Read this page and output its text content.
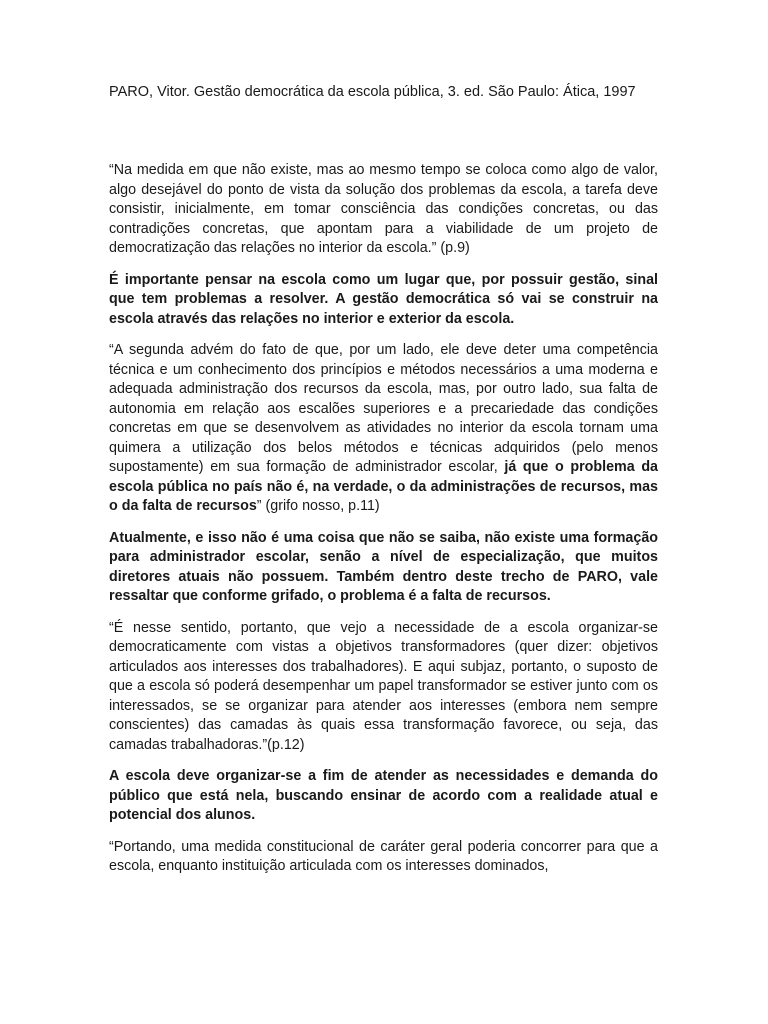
PARO, Vitor. Gestão democrática da escola pública, 3. ed. São Paulo: Ática, 1997

“Na medida em que não existe, mas ao mesmo tempo se coloca como algo de valor, algo desejável do ponto de vista da solução dos problemas da escola, a tarefa deve consistir, inicialmente, em tomar consciência das condições concretas, ou das contradições concretas, que apontam para a viabilidade de um projeto de democratização das relações no interior da escola.” (p.9)

É importante pensar na escola como um lugar que, por possuir gestão, sinal que tem problemas a resolver. A gestão democrática só vai se construir na escola através das relações no interior e exterior da escola.

“A segunda advém do fato de que, por um lado, ele deve deter uma competência técnica e um conhecimento dos princípios e métodos necessários a uma moderna e adequada administração dos recursos da escola, mas, por outro lado, sua falta de autonomia em relação aos escalões superiores e a precariedade das condições concretas em que se desenvolvem as atividades no interior da escola tornam uma quimera a utilização dos belos métodos e técnicas adquiridos (pelo menos supostamente) em sua formação de administrador escolar, já que o problema da escola pública no país não é, na verdade, o da administrações de recursos, mas o da falta de recursos” (grifo nosso, p.11)

Atualmente, e isso não é uma coisa que não se saiba, não existe uma formação para administrador escolar, senão a nível de especialização, que muitos diretores atuais não possuem. Também dentro deste trecho de PARO, vale ressaltar que conforme grifado, o problema é a falta de recursos.

“É nesse sentido, portanto, que vejo a necessidade de a escola organizar-se democraticamente com vistas a objetivos transformadores (quer dizer: objetivos articulados aos interesses dos trabalhadores). E aqui subjaz, portanto, o suposto de que a escola só poderá desempenhar um papel transformador se estiver junto com os interessados, se se organizar para atender aos interesses (embora nem sempre conscientes) das camadas às quais essa transformação favorece, ou seja, das camadas trabalhadoras.”(p.12)

A escola deve organizar-se a fim de atender as necessidades e demanda do público que está nela, buscando ensinar de acordo com a realidade atual e potencial dos alunos.

“Portando, uma medida constitucional de caráter geral poderia concorrer para que a escola, enquanto instituição articulada com os interesses dominados,
